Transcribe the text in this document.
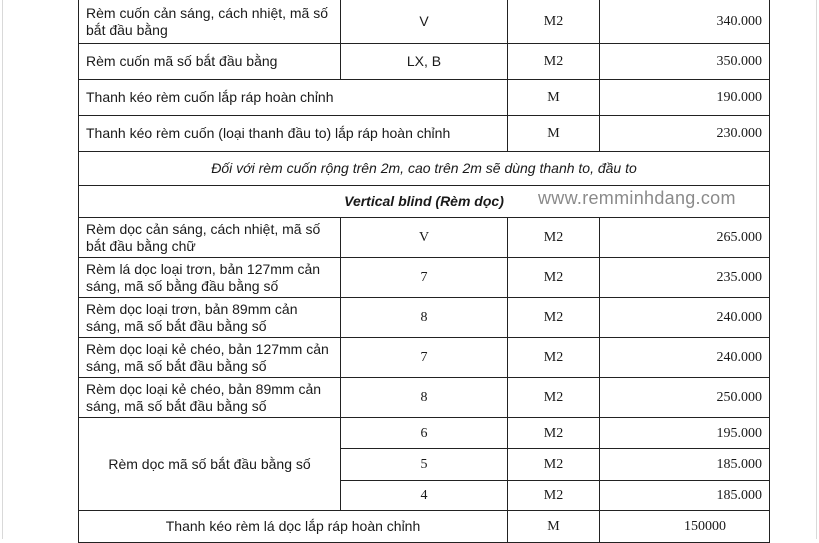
Rèm cuốn cản sáng, cách nhiệt, mã số bắt đầu bằng	V	M2	340.000
Rèm cuốn mã số bắt đầu bằng	LX, B	M2	350.000
Thanh kéo rèm cuốn lắp ráp hoàn chỉnh		M	190.000
Thanh kéo rèm cuốn (loại thanh đầu to) lắp ráp hoàn chỉnh		M	230.000
Đối với rèm cuốn rộng trên 2m, cao trên 2m sẽ dùng thanh to, đầu to			
Vertical blind (Rèm dọc)			
Rèm dọc cản sáng, cách nhiệt, mã số bắt đầu bằng chữ	V	M2	265.000
Rèm lá dọc loại trơn, bản 127mm cản sáng, mã số bằng đầu bằng số	7	M2	235.000
Rèm dọc loại trơn, bản 89mm cản sáng, mã số bắt đầu bằng số	8	M2	240.000
Rèm dọc loại kẻ chéo, bản 127mm cản sáng, mã số bắt đầu bằng số	7	M2	240.000
Rèm dọc loại kẻ chéo, bản 89mm cản sáng, mã số bắt đầu bằng số	8	M2	250.000
Rèm dọc mã số bắt đầu bằng số	6	M2	195.000
	5	M2	185.000
	4	M2	185.000
Thanh kéo rèm lá dọc lắp ráp hoàn chỉnh		M	150000
www.remminhdang.com
